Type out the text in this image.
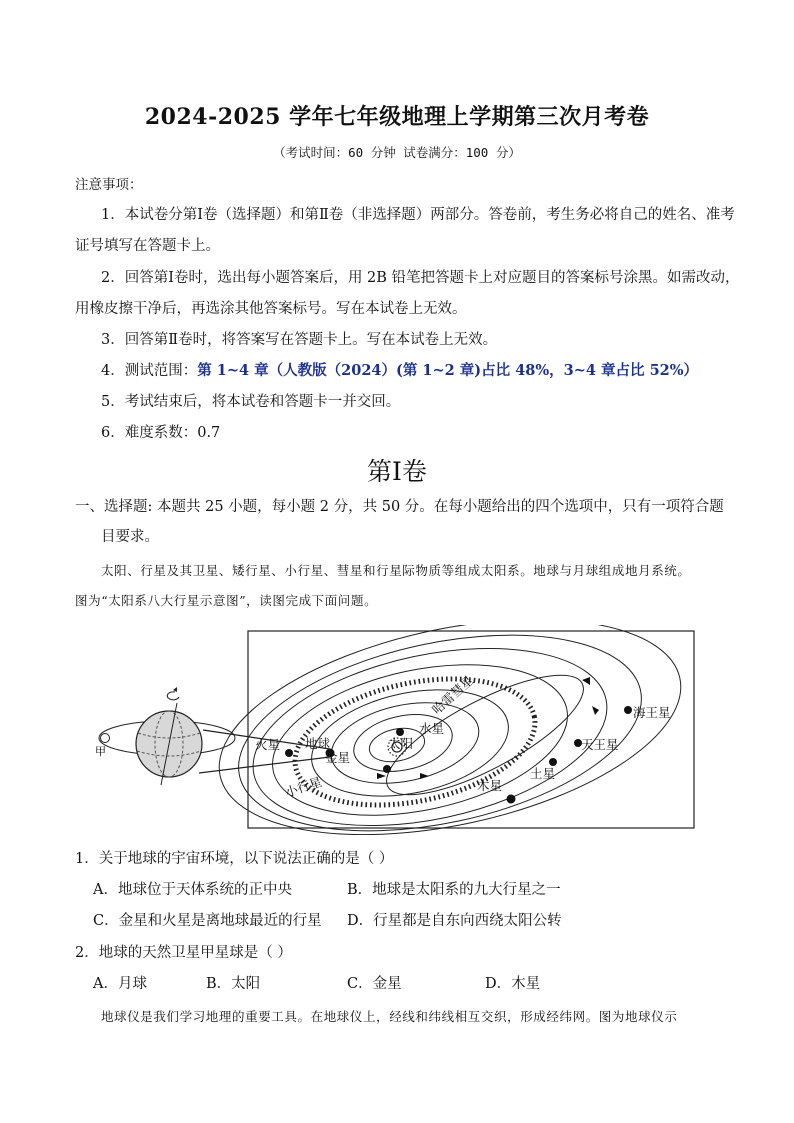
2024-2025 学年七年级地理上学期第三次月考卷
（考试时间：60 分钟 试卷满分：100 分）
注意事项：
1．本试卷分第Ⅰ卷（选择题）和第Ⅱ卷（非选择题）两部分。答卷前，考生务必将自己的姓名、准考
证号填写在答题卡上。
2．回答第Ⅰ卷时，选出每小题答案后，用 2B 铅笔把答题卡上对应题目的答案标号涂黑。如需改动，
用橡皮擦干净后，再选涂其他答案标号。写在本试卷上无效。
3．回答第Ⅱ卷时，将答案写在答题卡上。写在本试卷上无效。
4．测试范围：第 1~4 章（人教版（2024）(第 1~2 章)占比 48%，3~4 章占比 52%）
5．考试结束后，将本试卷和答题卡一并交回。
6．难度系数：0.7
第Ⅰ卷
一、选择题: 本题共 25 小题，每小题 2 分，共 50 分。在每小题给出的四个选项中，只有一项符合题
目要求。
太阳、行星及其卫星、矮行星、小行星、彗星和行星际物质等组成太阳系。地球与月球组成地月系统。
图为“太阳系八大行星示意图”，读图完成下面问题。
太阳
水星
金星
地球
火星
木星
土星
天王星
海王星
小行星
哈雷彗星
甲
1．关于地球的宇宙环境，以下说法正确的是（ ）
A．地球位于天体系统的正中央	B．地球是太阳系的九大行星之一
C．金星和火星是离地球最近的行星 D．行星都是自东向西绕太阳公转
2．地球的天然卫星甲星球是（ ）
A．月球	B．太阳	C．金星	D．木星
地球仪是我们学习地理的重要工具。在地球仪上，经线和纬线相互交织，形成经纬网。图为地球仪示
